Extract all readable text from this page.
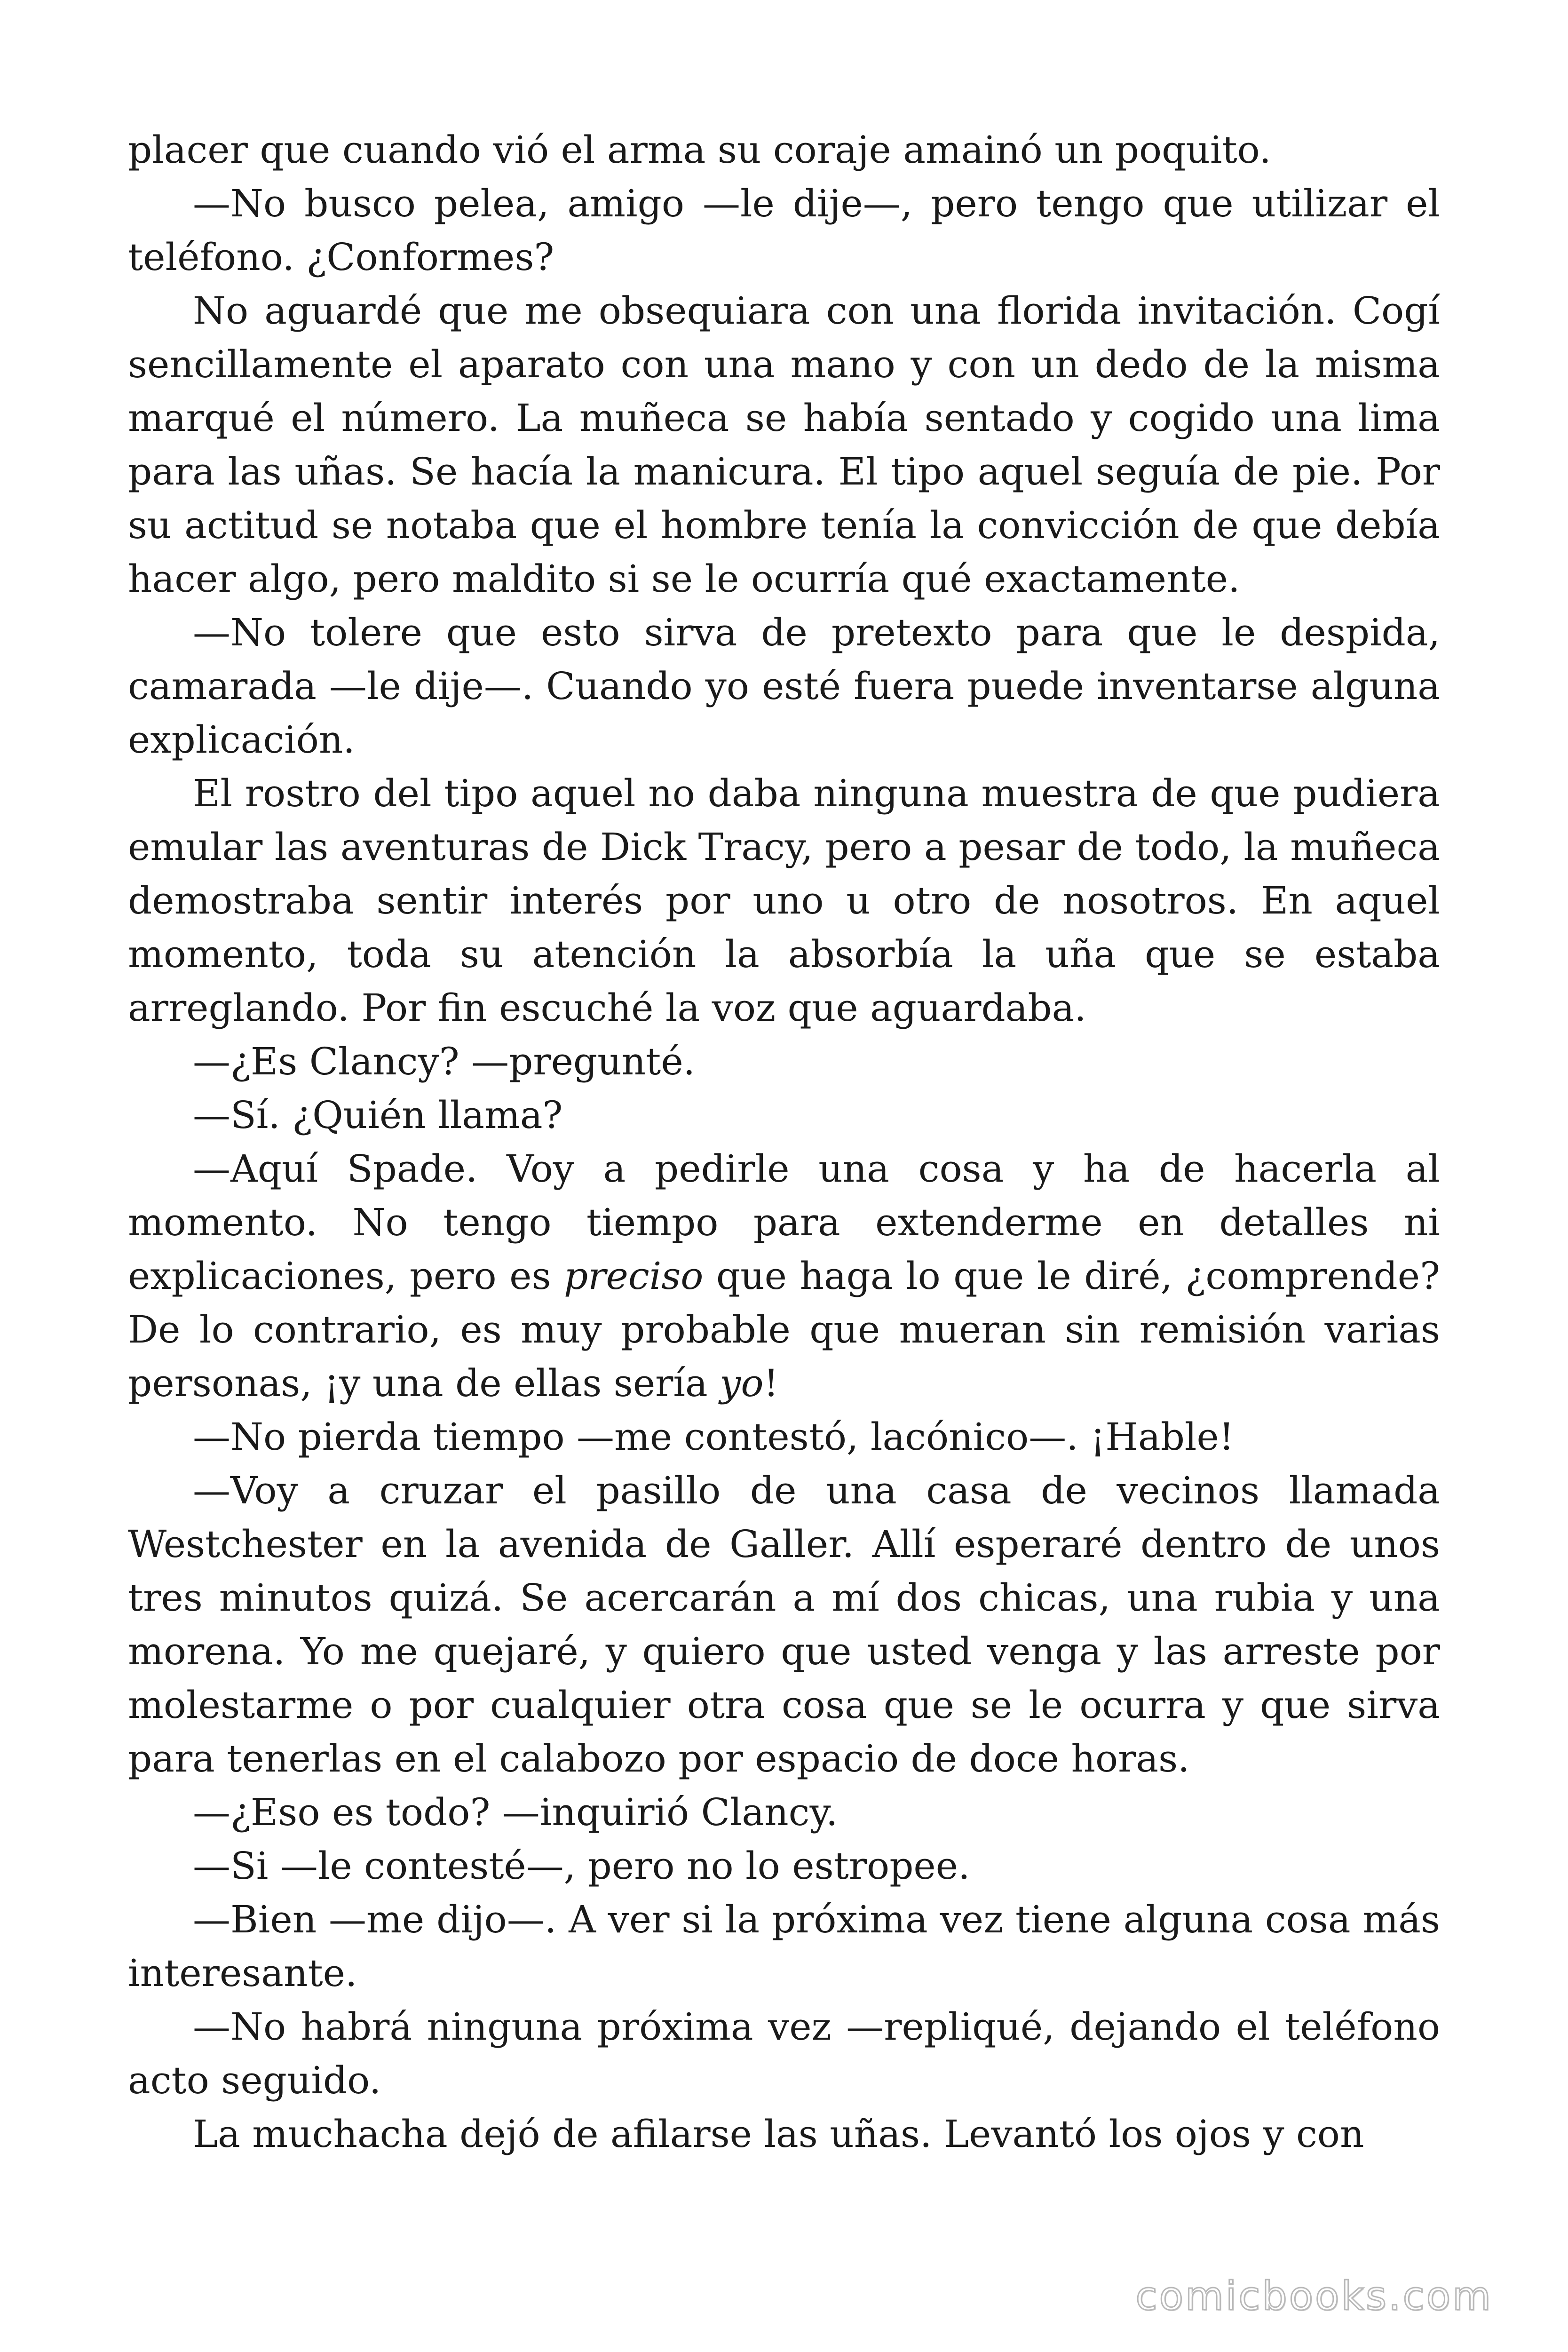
placer que cuando vió el arma su coraje amainó un poquito.

—No busco pelea, amigo —le dije—, pero tengo que utilizar el teléfono. ¿Conformes?

No aguardé que me obsequiara con una florida invitación. Cogí sencillamente el aparato con una mano y con un dedo de la misma marqué el número. La muñeca se había sentado y cogido una lima para las uñas. Se hacía la manicura. El tipo aquel seguía de pie. Por su actitud se notaba que el hombre tenía la convicción de que debía hacer algo, pero maldito si se le ocurría qué exactamente.

—No tolere que esto sirva de pretexto para que le despida, camarada —le dije—. Cuando yo esté fuera puede inventarse alguna explicación.

El rostro del tipo aquel no daba ninguna muestra de que pudiera emular las aventuras de Dick Tracy, pero a pesar de todo, la muñeca demostraba sentir interés por uno u otro de nosotros. En aquel momento, toda su atención la absorbía la uña que se estaba arreglando. Por fin escuché la voz que aguardaba.

—¿Es Clancy? —pregunté.

—Sí. ¿Quién llama?

—Aquí Spade. Voy a pedirle una cosa y ha de hacerla al momento. No tengo tiempo para extenderme en detalles ni explicaciones, pero es preciso que haga lo que le diré, ¿comprende? De lo contrario, es muy probable que mueran sin remisión varias personas, ¡y una de ellas sería yo!

—No pierda tiempo —me contestó, lacónico—. ¡Hable!

—Voy a cruzar el pasillo de una casa de vecinos llamada Westchester en la avenida de Galler. Allí esperaré dentro de unos tres minutos quizá. Se acercarán a mí dos chicas, una rubia y una morena. Yo me quejaré, y quiero que usted venga y las arreste por molestarme o por cualquier otra cosa que se le ocurra y que sirva para tenerlas en el calabozo por espacio de doce horas.

—¿Eso es todo? —inquirió Clancy.

—Si —le contesté—, pero no lo estropee.

—Bien —me dijo—. A ver si la próxima vez tiene alguna cosa más interesante.

—No habrá ninguna próxima vez —repliqué, dejando el teléfono acto seguido.

La muchacha dejó de afilarse las uñas. Levantó los ojos y con

comicbooks.com
